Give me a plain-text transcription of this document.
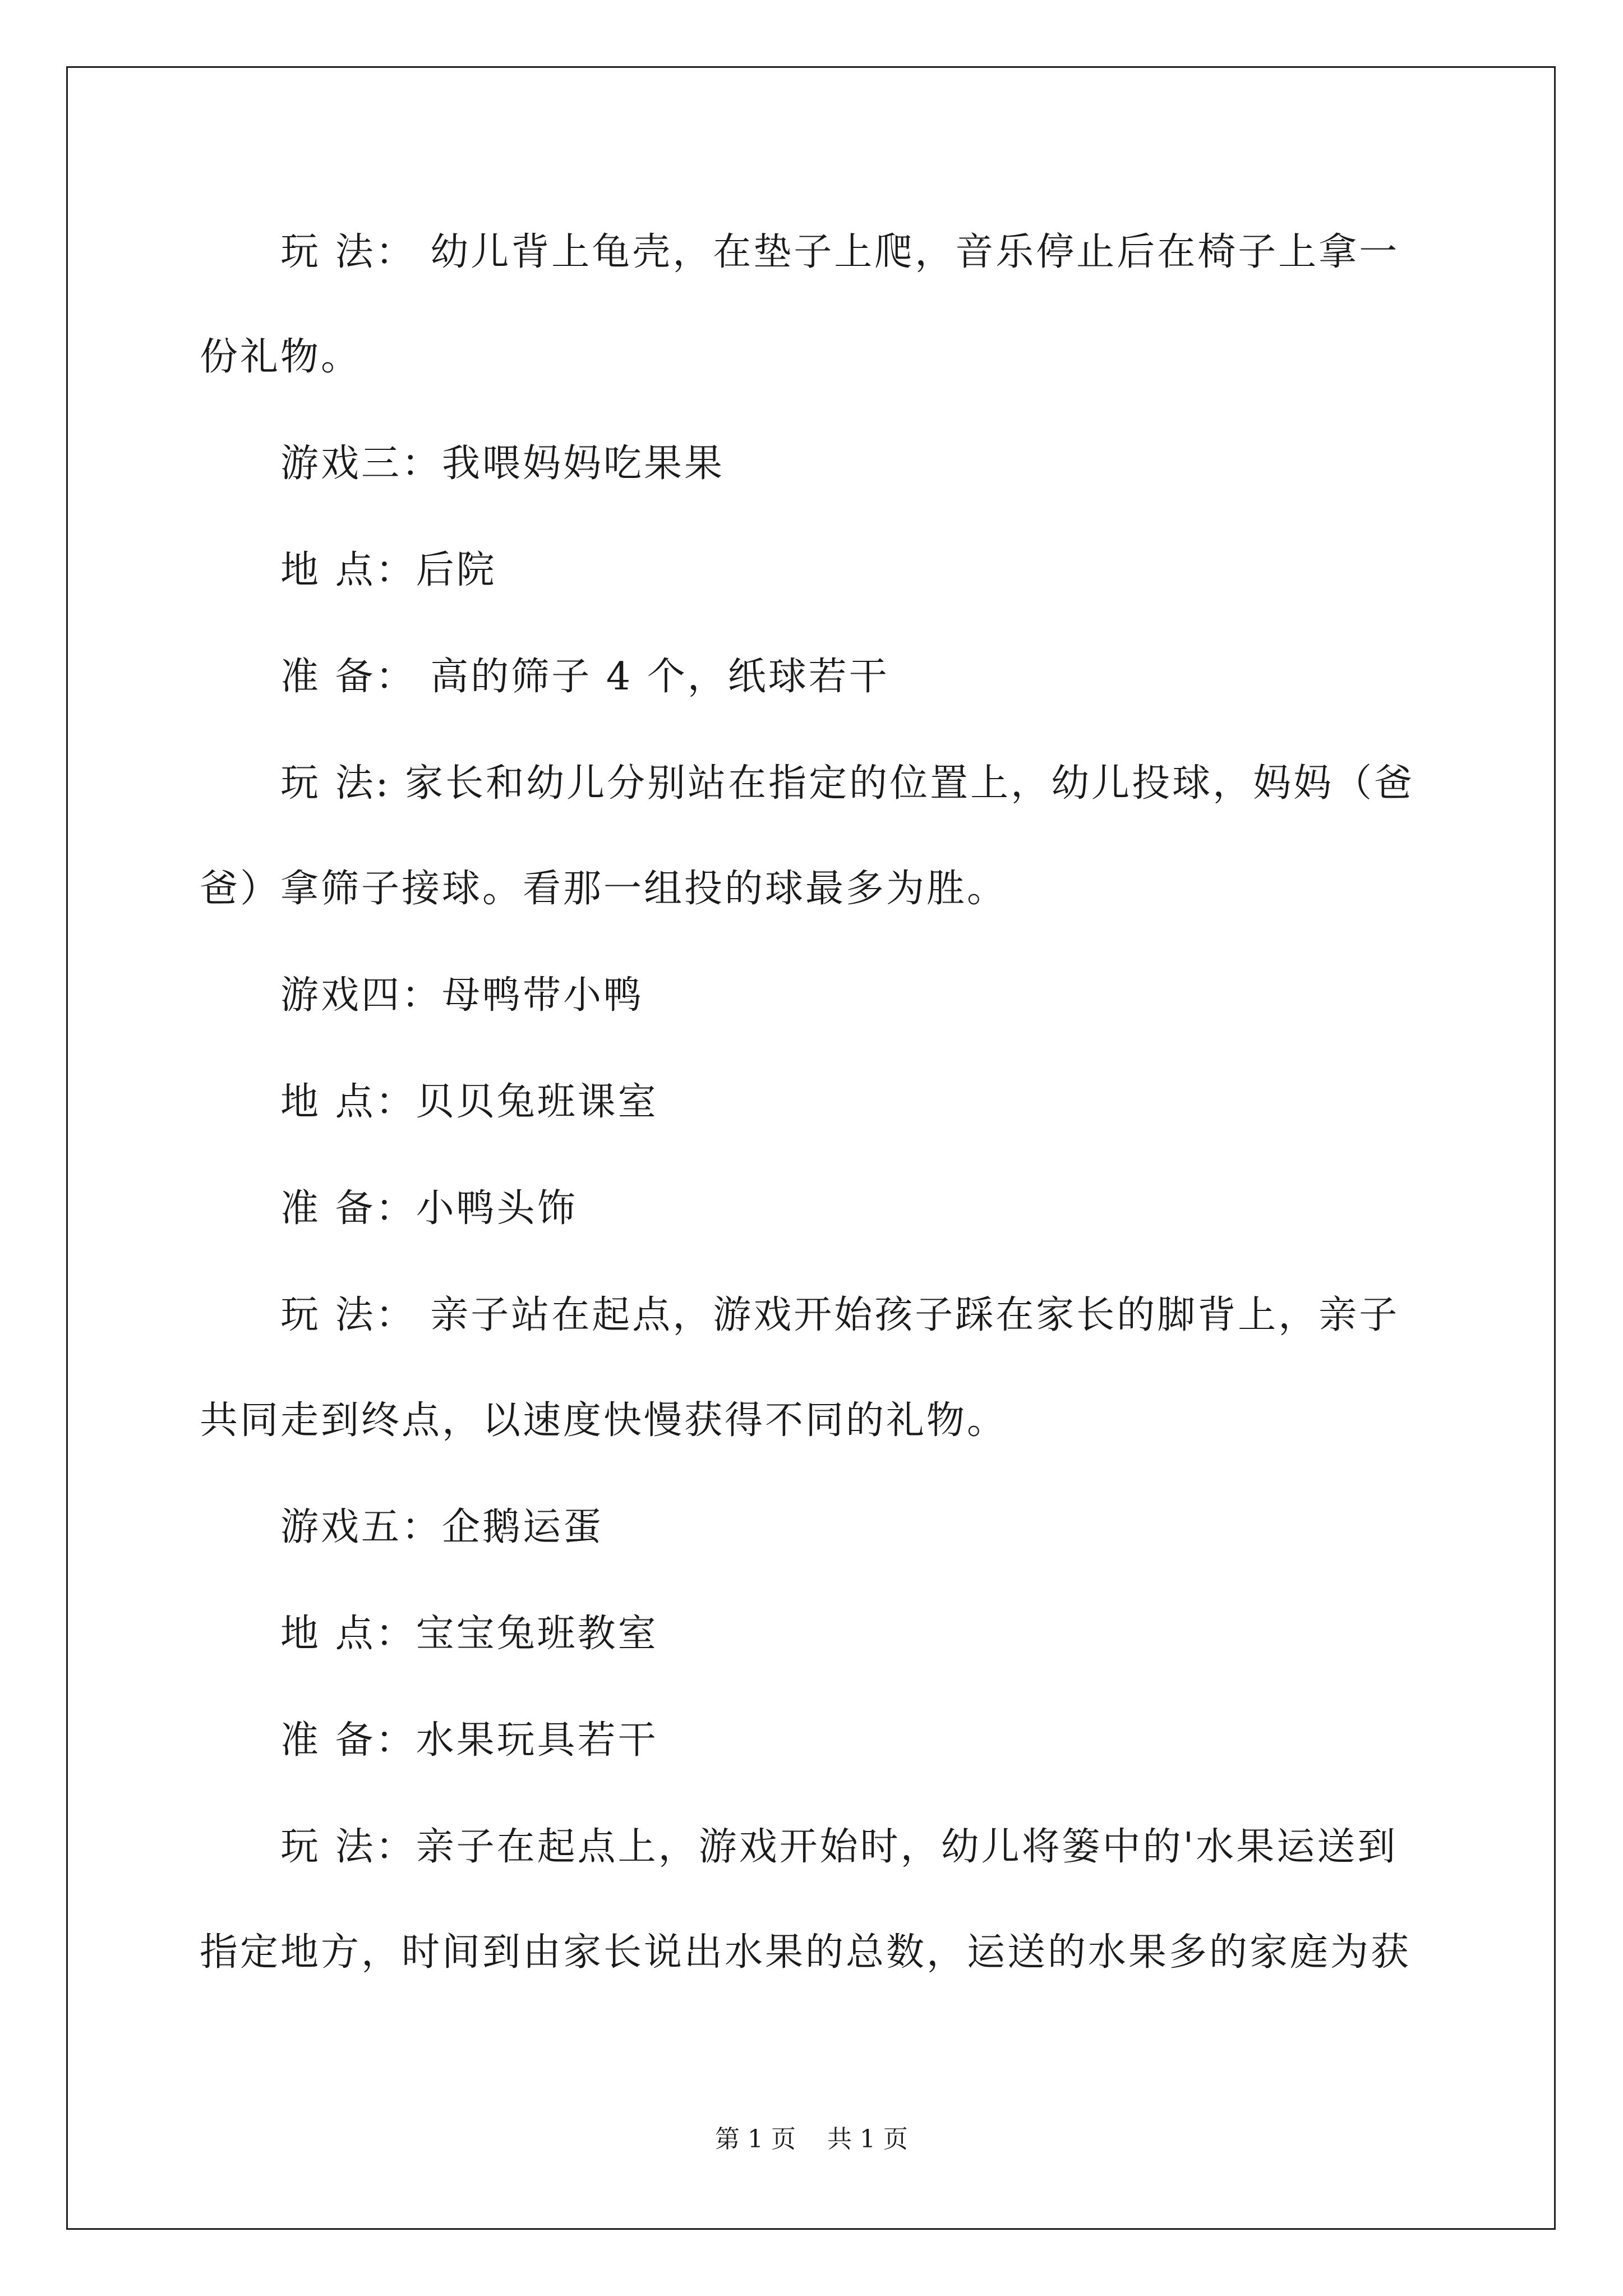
玩 法： 幼儿背上龟壳，在垫子上爬，音乐停止后在椅子上拿一
份礼物。
游戏三：我喂妈妈吃果果
地 点：后院
准 备： 高的筛子 4 个，纸球若干
玩 法: 家长和幼儿分别站在指定的位置上，幼儿投球，妈妈（爸
爸）拿筛子接球。看那一组投的球最多为胜。
游戏四：母鸭带小鸭
地 点：贝贝兔班课室
准 备：小鸭头饰
玩 法： 亲子站在起点，游戏开始孩子踩在家长的脚背上，亲子
共同走到终点，以速度快慢获得不同的礼物。
游戏五：企鹅运蛋
地 点：宝宝兔班教室
准 备：水果玩具若干
玩 法：亲子在起点上，游戏开始时，幼儿将篓中的'水果运送到
指定地方，时间到由家长说出水果的总数，运送的水果多的家庭为获
第 1 页 共 1 页
